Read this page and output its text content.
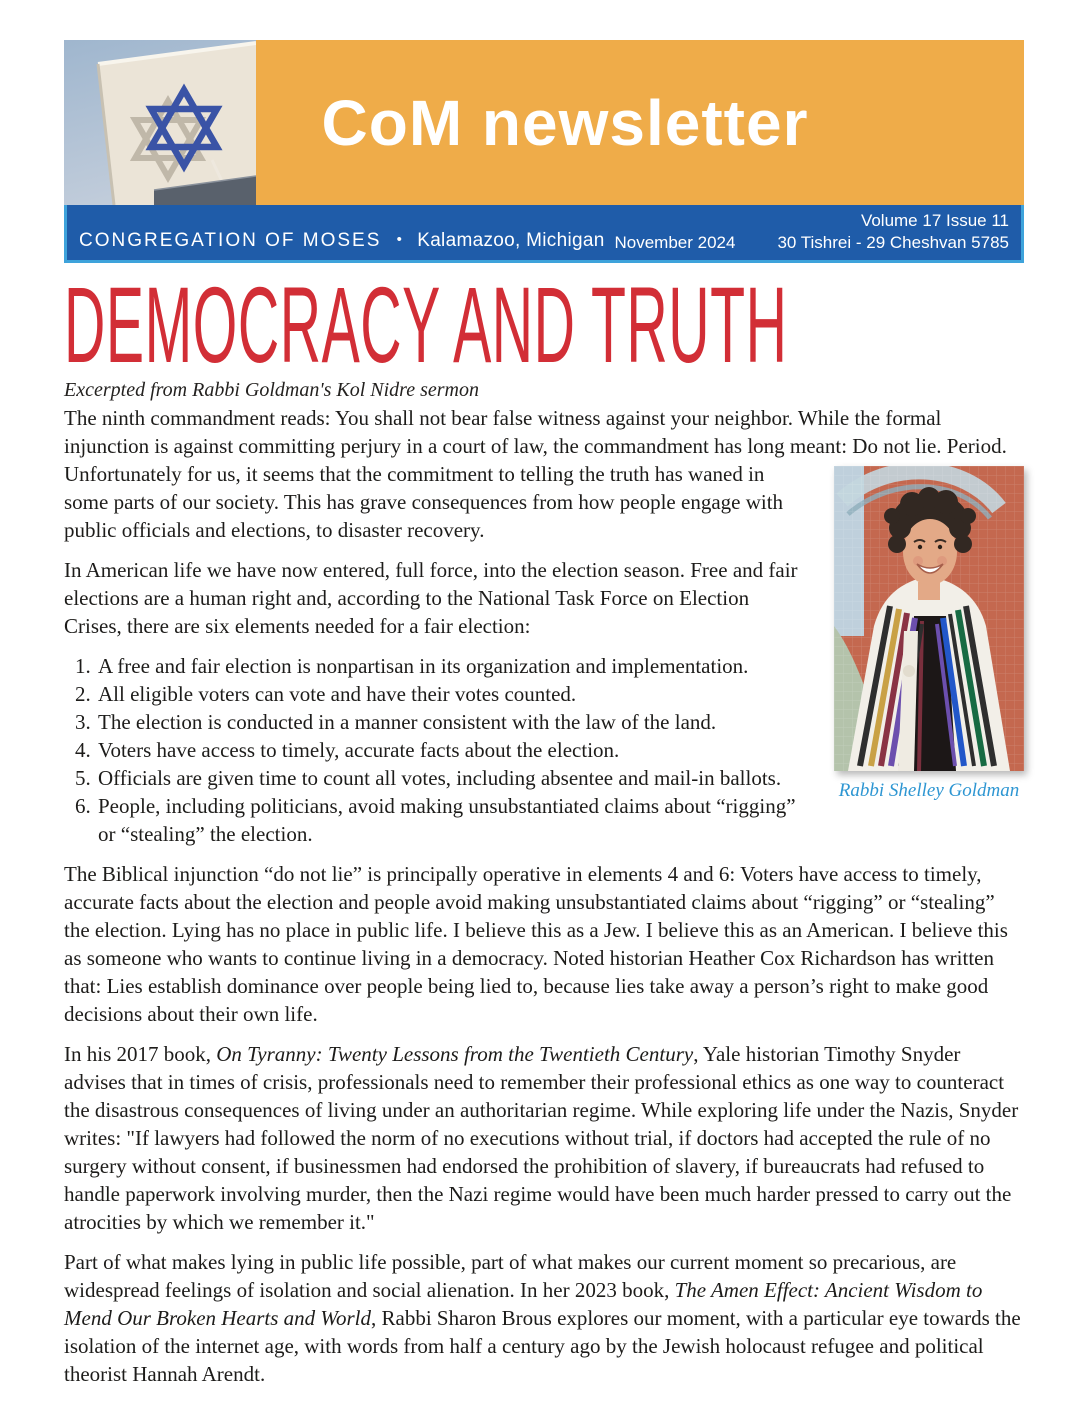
CoM newsletter
CONGREGATION OF MOSES • Kalamazoo, Michigan
Volume 17 Issue 11
November 2024 30 Tishrei - 29 Cheshvan 5785
DEMOCRACY AND TRUTH

Excerpted from Rabbi Goldman's Kol Nidre sermon

The ninth commandment reads: You shall not bear false witness against your neighbor. While the formal injunction is against committing perjury in a court of law, the commandment has long meant: Do not lie. Period.
Rabbi Shelley Goldman
Unfortunately for us, it seems that the commitment to telling the truth has waned in some parts of our society. This has grave consequences from how people engage with public officials and elections, to disaster recovery.

In American life we have now entered, full force, into the election season. Free and fair elections are a human right and, according to the National Task Force on Election Crises, there are six elements needed for a fair election:

1. A free and fair election is nonpartisan in its organization and implementation.
2. All eligible voters can vote and have their votes counted.
3. The election is conducted in a manner consistent with the law of the land.
4. Voters have access to timely, accurate facts about the election.
5. Officials are given time to count all votes, including absentee and mail-in ballots.
6. People, including politicians, avoid making unsubstantiated claims about “rigging” or “stealing” the election.

The Biblical injunction “do not lie” is principally operative in elements 4 and 6: Voters have access to timely, accurate facts about the election and people avoid making unsubstantiated claims about “rigging” or “stealing” the election. Lying has no place in public life. I believe this as a Jew. I believe this as an American. I believe this as someone who wants to continue living in a democracy. Noted historian Heather Cox Richardson has written that: Lies establish dominance over people being lied to, because lies take away a person’s right to make good decisions about their own life.

In his 2017 book, On Tyranny: Twenty Lessons from the Twentieth Century, Yale historian Timothy Snyder advises that in times of crisis, professionals need to remember their professional ethics as one way to counteract the disastrous consequences of living under an authoritarian regime. While exploring life under the Nazis, Snyder writes: "If lawyers had followed the norm of no executions without trial, if doctors had accepted the rule of no surgery without consent, if businessmen had endorsed the prohibition of slavery, if bureaucrats had refused to handle paperwork involving murder, then the Nazi regime would have been much harder pressed to carry out the atrocities by which we remember it."

Part of what makes lying in public life possible, part of what makes our current moment so precarious, are widespread feelings of isolation and social alienation. In her 2023 book, The Amen Effect: Ancient Wisdom to Mend Our Broken Hearts and World, Rabbi Sharon Brous explores our moment, with a particular eye towards the isolation of the internet age, with words from half a century ago by the Jewish holocaust refugee and political theorist Hannah Arendt.
